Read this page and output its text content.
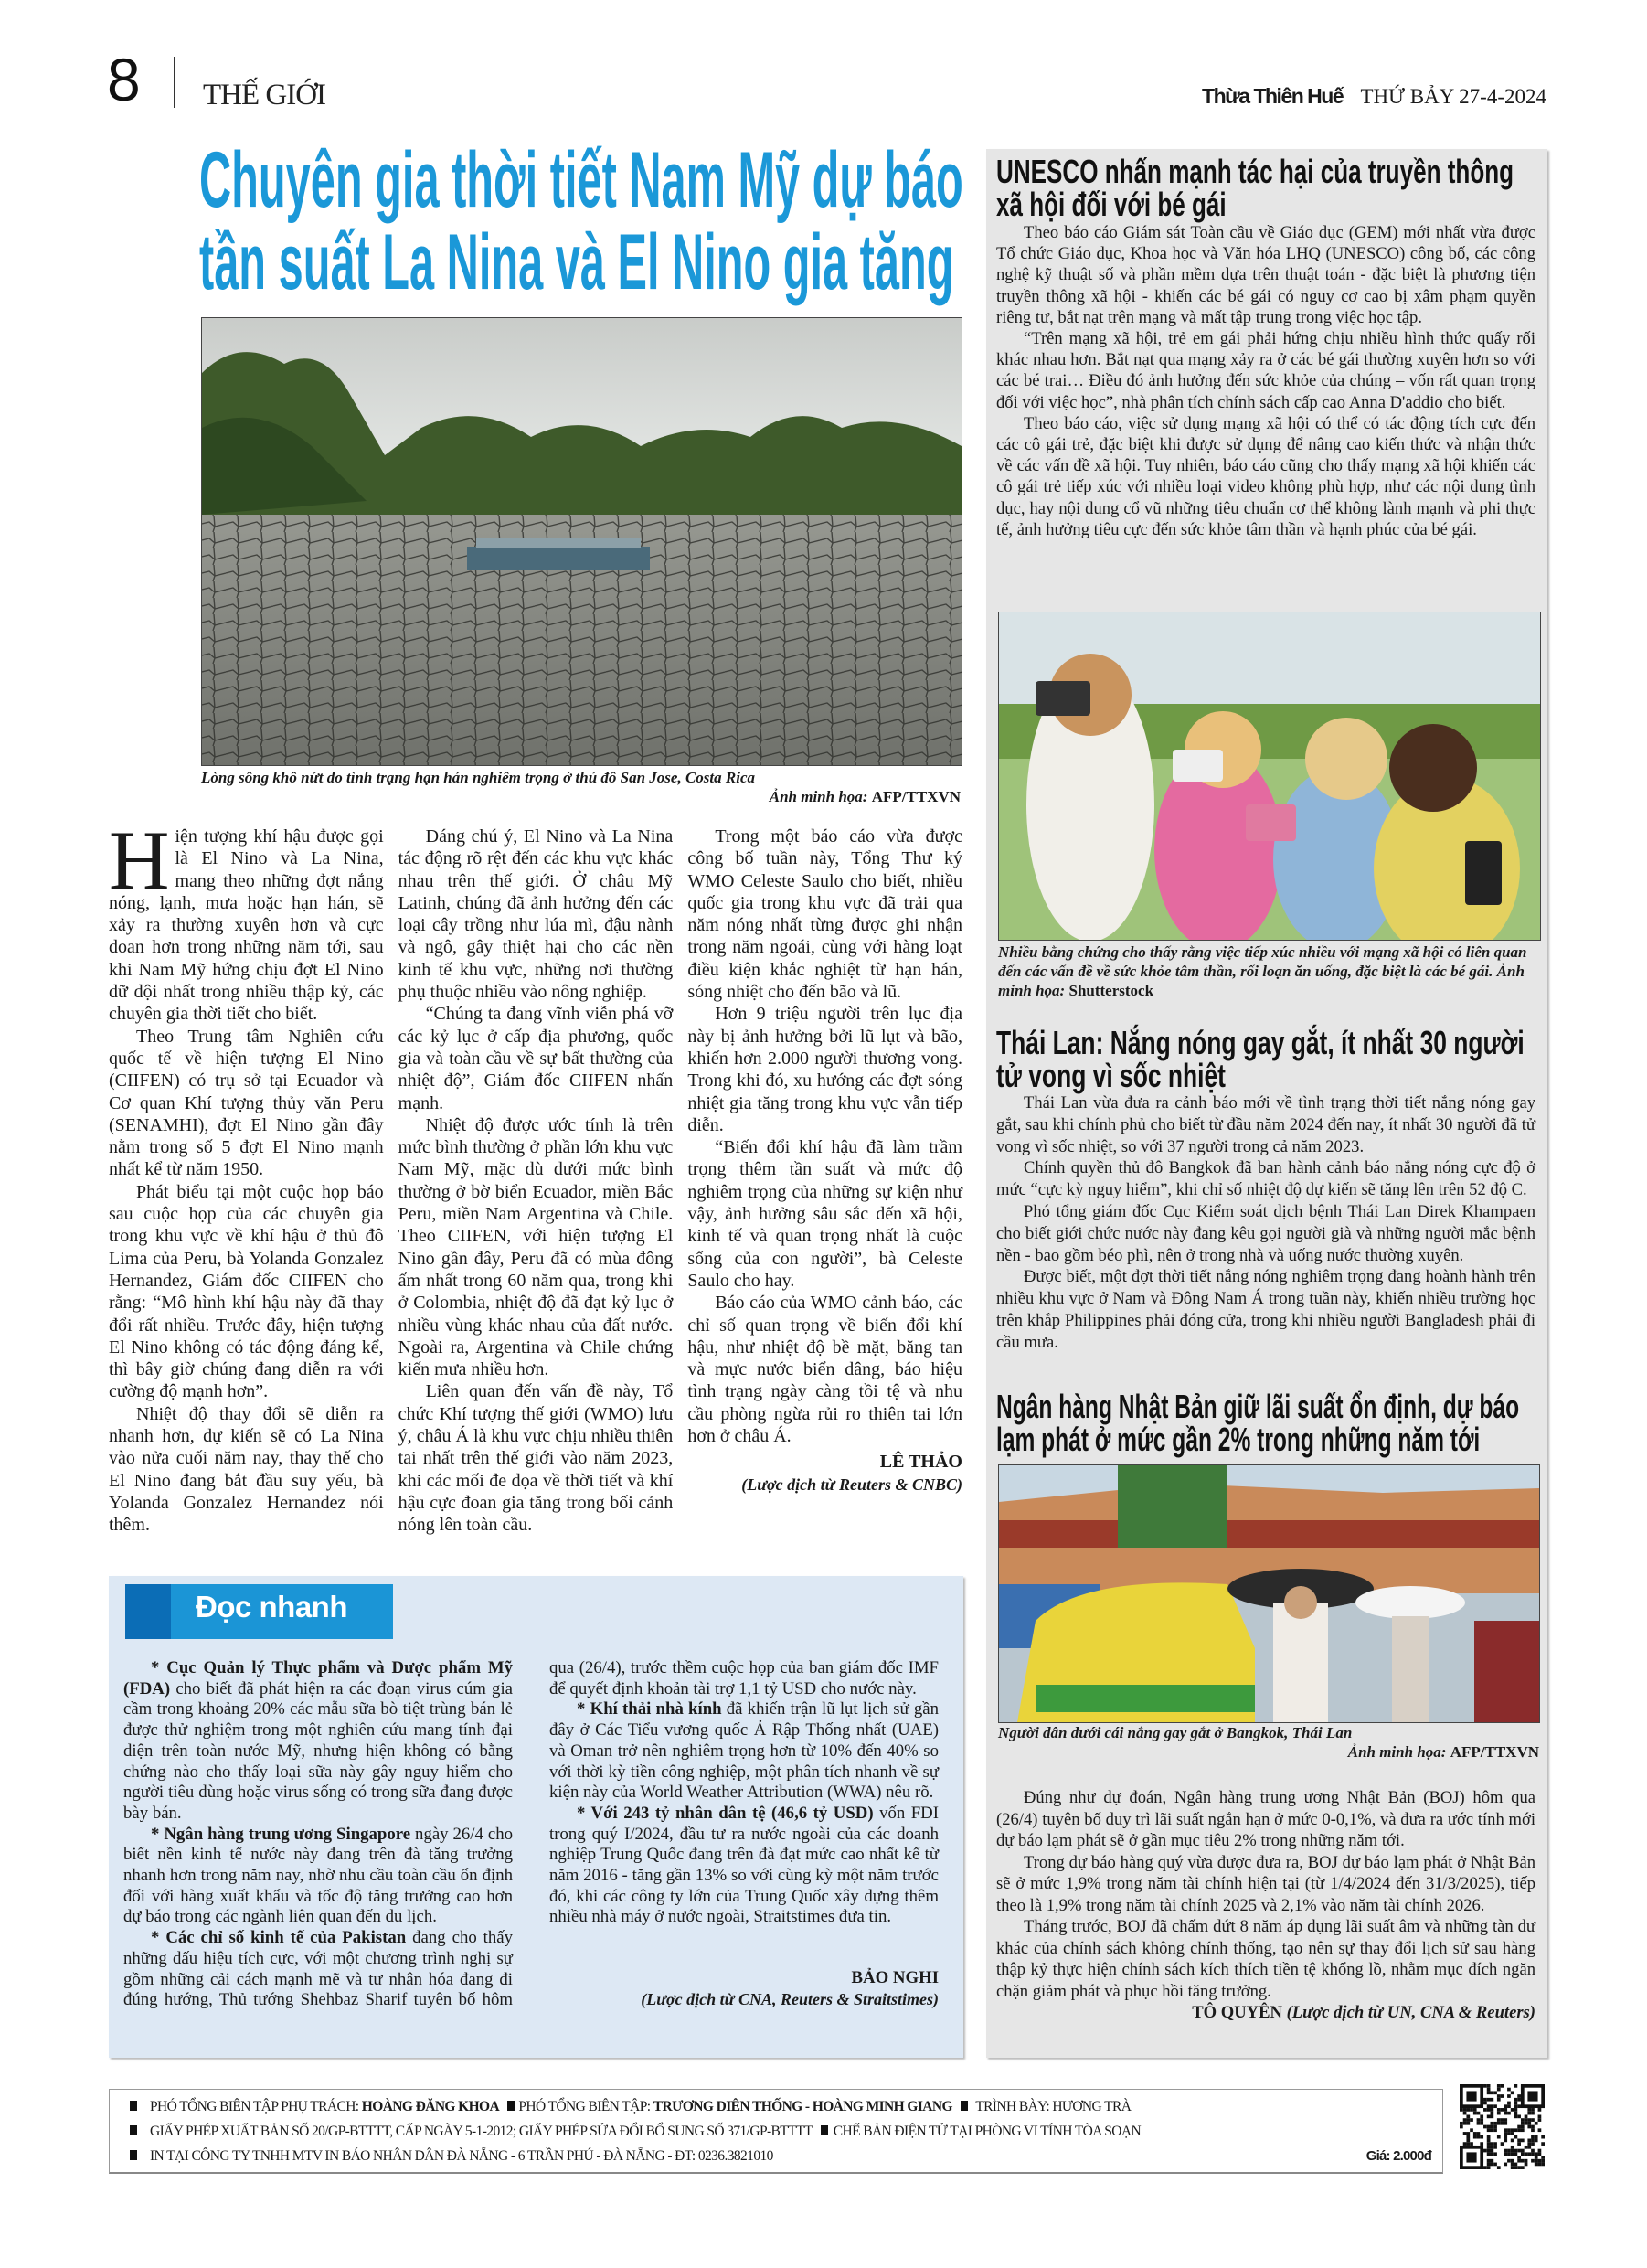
8 THẾ GIỚI	Thừa Thiên Huế THỨ BẢY 27-4-2024
Chuyên gia thời tiết Nam Mỹ dự báo
tần suất La Nina và El Nino gia tăng
Lòng sông khô nứt do tình trạng hạn hán nghiêm trọng ở thủ đô San Jose, Costa Rica
Ảnh minh họa: AFP/TTXVN

Hiện tượng khí hậu được gọi là El Nino và La Nina, mang theo những đợt nắng nóng, lạnh, mưa hoặc hạn hán, sẽ xảy ra thường xuyên hơn và cực đoan hơn trong những năm tới, sau khi Nam Mỹ hứng chịu đợt El Nino dữ dội nhất trong nhiều thập kỷ, các chuyên gia thời tiết cho biết.

Theo Trung tâm Nghiên cứu quốc tế về hiện tượng El Nino (CIIFEN) có trụ sở tại Ecuador và Cơ quan Khí tượng thủy văn Peru (SENAMHI), đợt El Nino gần đây nằm trong số 5 đợt El Nino mạnh nhất kể từ năm 1950.

Phát biểu tại một cuộc họp báo sau cuộc họp của các chuyên gia trong khu vực về khí hậu ở thủ đô Lima của Peru, bà Yolanda Gonzalez Hernandez, Giám đốc CIIFEN cho rằng: “Mô hình khí hậu này đã thay đổi rất nhiều. Trước đây, hiện tượng El Nino không có tác động đáng kể, thì bây giờ chúng đang diễn ra với cường độ mạnh hơn”.

Nhiệt độ thay đổi sẽ diễn ra nhanh hơn, dự kiến sẽ có La Nina vào nửa cuối năm nay, thay thế cho El Nino đang bắt đầu suy yếu, bà Yolanda Gonzalez Hernandez nói thêm.

Đáng chú ý, El Nino và La Nina tác động rõ rệt đến các khu vực khác nhau trên thế giới. Ở châu Mỹ Latinh, chúng đã ảnh hưởng đến các loại cây trồng như lúa mì, đậu nành và ngô, gây thiệt hại cho các nền kinh tế khu vực, những nơi thường phụ thuộc nhiều vào nông nghiệp.

“Chúng ta đang vĩnh viễn phá vỡ các kỷ lục ở cấp địa phương, quốc gia và toàn cầu về sự bất thường của nhiệt độ”, Giám đốc CIIFEN nhấn mạnh.

Nhiệt độ được ước tính là trên mức bình thường ở phần lớn khu vực Nam Mỹ, mặc dù dưới mức bình thường ở bờ biển Ecuador, miền Bắc Peru, miền Nam Argentina và Chile. Theo CIIFEN, với hiện tượng El Nino gần đây, Peru đã có mùa đông ấm nhất trong 60 năm qua, trong khi ở Colombia, nhiệt độ đã đạt kỷ lục ở nhiều vùng khác nhau của đất nước. Ngoài ra, Argentina và Chile chứng kiến mưa nhiều hơn.

Liên quan đến vấn đề này, Tổ chức Khí tượng thế giới (WMO) lưu ý, châu Á là khu vực chịu nhiều thiên tai nhất trên thế giới vào năm 2023, khi các mối đe dọa về thời tiết và khí hậu cực đoan gia tăng trong bối cảnh nóng lên toàn cầu.

Trong một báo cáo vừa được công bố tuần này, Tổng Thư ký WMO Celeste Saulo cho biết, nhiều quốc gia trong khu vực đã trải qua năm nóng nhất từng được ghi nhận trong năm ngoái, cùng với hàng loạt điều kiện khắc nghiệt từ hạn hán, sóng nhiệt cho đến bão và lũ.

Hơn 9 triệu người trên lục địa này bị ảnh hưởng bởi lũ lụt và bão, khiến hơn 2.000 người thương vong. Trong khi đó, xu hướng các đợt sóng nhiệt gia tăng trong khu vực vẫn tiếp diễn.

“Biến đổi khí hậu đã làm trầm trọng thêm tần suất và mức độ nghiêm trọng của những sự kiện như vậy, ảnh hưởng sâu sắc đến xã hội, kinh tế và quan trọng nhất là cuộc sống của con người”, bà Celeste Saulo cho hay.

Báo cáo của WMO cảnh báo, các chỉ số quan trọng về biến đổi khí hậu, như nhiệt độ bề mặt, băng tan và mực nước biển dâng, báo hiệu tình trạng ngày càng tồi tệ và nhu cầu phòng ngừa rủi ro thiên tai lớn hơn ở châu Á.

LÊ THẢO
(Lược dịch từ Reuters & CNBC)
Đọc nhanh

* Cục Quản lý Thực phẩm và Dược phẩm Mỹ (FDA) cho biết đã phát hiện ra các đoạn virus cúm gia cầm trong khoảng 20% các mẫu sữa bò tiệt trùng bán lẻ được thử nghiệm trong một nghiên cứu mang tính đại diện trên toàn nước Mỹ, nhưng hiện không có bằng chứng nào cho thấy loại sữa này gây nguy hiểm cho người tiêu dùng hoặc virus sống có trong sữa đang được bày bán.

* Ngân hàng trung ương Singapore ngày 26/4 cho biết nền kinh tế nước này đang trên đà tăng trưởng nhanh hơn trong năm nay, nhờ nhu cầu toàn cầu ổn định đối với hàng xuất khẩu và tốc độ tăng trưởng cao hơn dự báo trong các ngành liên quan đến du lịch.

* Các chỉ số kinh tế của Pakistan đang cho thấy những dấu hiệu tích cực, với một chương trình nghị sự gồm những cải cách mạnh mẽ và tư nhân hóa đang đi đúng hướng, Thủ tướng Shehbaz Sharif tuyên bố hôm qua (26/4), trước thềm cuộc họp của ban giám đốc IMF để quyết định khoản tài trợ 1,1 tỷ USD cho nước này.

* Khí thải nhà kính đã khiến trận lũ lụt lịch sử gần đây ở Các Tiểu vương quốc Ả Rập Thống nhất (UAE) và Oman trở nên nghiêm trọng hơn từ 10% đến 40% so với thời kỳ tiền công nghiệp, một phân tích nhanh về sự kiện này của World Weather Attribution (WWA) nêu rõ.

* Với 243 tỷ nhân dân tệ (46,6 tỷ USD) vốn FDI trong quý I/2024, đầu tư ra nước ngoài của các doanh nghiệp Trung Quốc đang trên đà đạt mức cao nhất kể từ năm 2016 - tăng gần 13% so với cùng kỳ một năm trước đó, khi các công ty lớn của Trung Quốc xây dựng thêm nhiều nhà máy ở nước ngoài, Straitstimes đưa tin.

BẢO NGHI
(Lược dịch từ CNA, Reuters & Straitstimes)
UNESCO nhấn mạnh tác hại của truyền thông
xã hội đối với bé gái

Theo báo cáo Giám sát Toàn cầu về Giáo dục (GEM) mới nhất vừa được Tổ chức Giáo dục, Khoa học và Văn hóa LHQ (UNESCO) công bố, các công nghệ kỹ thuật số và phần mềm dựa trên thuật toán - đặc biệt là phương tiện truyền thông xã hội - khiến các bé gái có nguy cơ cao bị xâm phạm quyền riêng tư, bắt nạt trên mạng và mất tập trung trong việc học tập.

“Trên mạng xã hội, trẻ em gái phải hứng chịu nhiều hình thức quấy rối khác nhau hơn. Bắt nạt qua mạng xảy ra ở các bé gái thường xuyên hơn so với các bé trai… Điều đó ảnh hưởng đến sức khỏe của chúng – vốn rất quan trọng đối với việc học”, nhà phân tích chính sách cấp cao Anna D'addio cho biết.

Theo báo cáo, việc sử dụng mạng xã hội có thể có tác động tích cực đến các cô gái trẻ, đặc biệt khi được sử dụng để nâng cao kiến thức và nhận thức về các vấn đề xã hội. Tuy nhiên, báo cáo cũng cho thấy mạng xã hội khiến các cô gái trẻ tiếp xúc với nhiều loại video không phù hợp, như các nội dung tình dục, hay nội dung cổ vũ những tiêu chuẩn cơ thể không lành mạnh và phi thực tế, ảnh hưởng tiêu cực đến sức khỏe tâm thần và hạnh phúc của bé gái.

Nhiều bằng chứng cho thấy rằng việc tiếp xúc nhiều với mạng xã hội có liên quan đến các vấn đề về sức khỏe tâm thần, rối loạn ăn uống, đặc biệt là các bé gái. Ảnh minh họa: Shutterstock
Thái Lan: Nắng nóng gay gắt, ít nhất 30 người
tử vong vì sốc nhiệt

Thái Lan vừa đưa ra cảnh báo mới về tình trạng thời tiết nắng nóng gay gắt, sau khi chính phủ cho biết từ đầu năm 2024 đến nay, ít nhất 30 người đã tử vong vì sốc nhiệt, so với 37 người trong cả năm 2023.

Chính quyền thủ đô Bangkok đã ban hành cảnh báo nắng nóng cực độ ở mức “cực kỳ nguy hiểm”, khi chỉ số nhiệt độ dự kiến sẽ tăng lên trên 52 độ C.

Phó tổng giám đốc Cục Kiểm soát dịch bệnh Thái Lan Direk Khampaen cho biết giới chức nước này đang kêu gọi người già và những người mắc bệnh nền - bao gồm béo phì, nên ở trong nhà và uống nước thường xuyên.

Được biết, một đợt thời tiết nắng nóng nghiêm trọng đang hoành hành trên nhiều khu vực ở Nam và Đông Nam Á trong tuần này, khiến nhiều trường học trên khắp Philippines phải đóng cửa, trong khi nhiều người Bangladesh phải đi cầu mưa.

Ngân hàng Nhật Bản giữ lãi suất ổn định, dự báo
lạm phát ở mức gần 2% trong những năm tới
Người dân dưới cái nắng gay gắt ở Bangkok, Thái Lan
Ảnh minh họa: AFP/TTXVN

Đúng như dự đoán, Ngân hàng trung ương Nhật Bản (BOJ) hôm qua (26/4) tuyên bố duy trì lãi suất ngắn hạn ở mức 0-0,1%, và đưa ra ước tính mới dự báo lạm phát sẽ ở gần mục tiêu 2% trong những năm tới.

Trong dự báo hàng quý vừa được đưa ra, BOJ dự báo lạm phát ở Nhật Bản sẽ ở mức 1,9% trong năm tài chính hiện tại (từ 1/4/2024 đến 31/3/2025), tiếp theo là 1,9% trong năm tài chính 2025 và 2,1% vào năm tài chính 2026.

Tháng trước, BOJ đã chấm dứt 8 năm áp dụng lãi suất âm và những tàn dư khác của chính sách không chính thống, tạo nên sự thay đổi lịch sử sau hàng thập kỷ thực hiện chính sách kích thích tiền tệ khổng lồ, nhằm mục đích ngăn chặn giảm phát và phục hồi tăng trưởng.

TÔ QUYÊN (Lược dịch từ UN, CNA & Reuters)
PHÓ TỔNG BIÊN TẬP PHỤ TRÁCH: HOÀNG ĐĂNG KHOA PHÓ TỔNG BIÊN TẬP: TRƯƠNG DIÊN THỐNG - HOÀNG MINH GIANG TRÌNH BÀY: HƯƠNG TRÀ
GIẤY PHÉP XUẤT BẢN SỐ 20/GP-BTTTT, CẤP NGÀY 5-1-2012; GIẤY PHÉP SỬA ĐỔI BỔ SUNG SỐ 371/GP-BTTTT CHẾ BẢN ĐIỆN TỬ TẠI PHÒNG VI TÍNH TÒA SOẠN
IN TẠI CÔNG TY TNHH MTV IN BÁO NHÂN DÂN ĐÀ NẴNG - 6 TRẦN PHÚ - ĐÀ NẴNG - ĐT: 0236.3821010	Giá: 2.000đ
